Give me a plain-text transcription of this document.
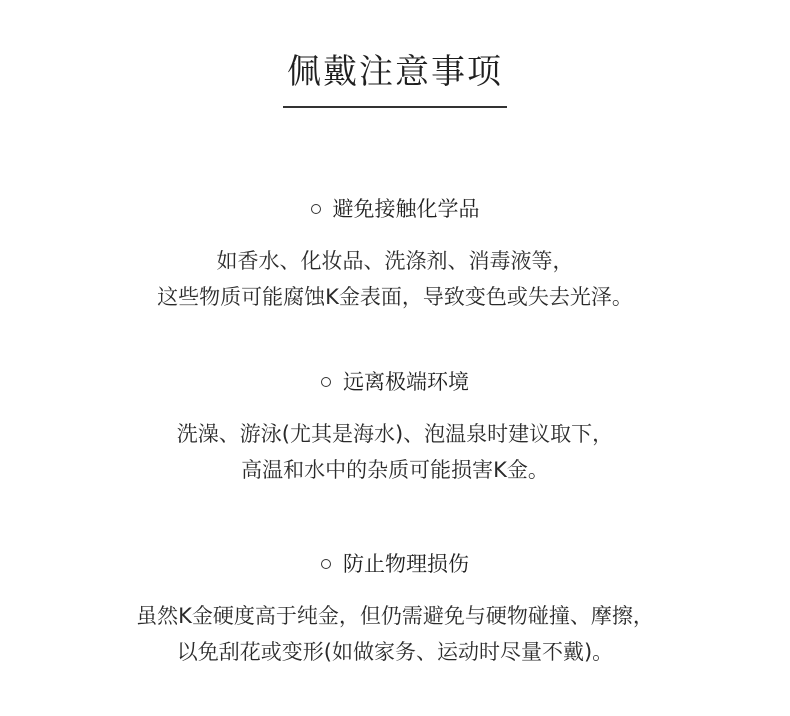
佩戴注意事项
避免接触化学品
如香水、化妆品、洗涤剂、消毒液等，
这些物质可能腐蚀K金表面，导致变色或失去光泽。
远离极端环境
洗澡、游泳(尤其是海水)、泡温泉时建议取下，
高温和水中的杂质可能损害K金。
防止物理损伤
虽然K金硬度高于纯金，但仍需避免与硬物碰撞、摩擦，
以免刮花或变形(如做家务、运动时尽量不戴)。
